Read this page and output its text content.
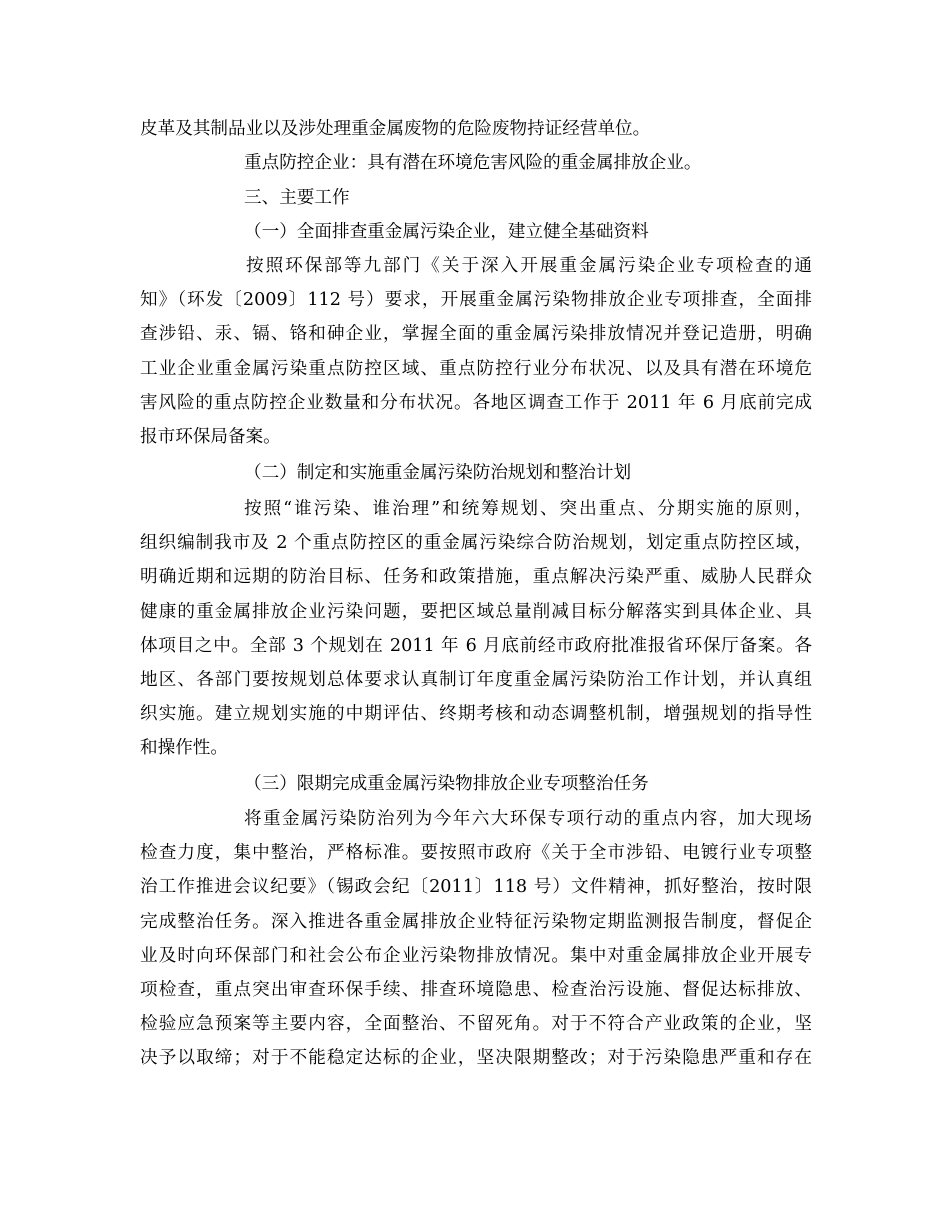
皮革及其制品业以及涉处理重金属废物的危险废物持证经营单位。

重点防控企业：具有潜在环境危害风险的重金属排放企业。

三、主要工作

（一）全面排查重金属污染企业，建立健全基础资料

按照环保部等九部门《关于深入开展重金属污染企业专项检查的通
知》（环发〔2009〕112 号）要求，开展重金属污染物排放企业专项排查，全面排
查涉铅、汞、镉、铬和砷企业，掌握全面的重金属污染排放情况并登记造册，明确
工业企业重金属污染重点防控区域、重点防控行业分布状况、以及具有潜在环境危
害风险的重点防控企业数量和分布状况。各地区调查工作于 2011 年 6 月底前完成
报市环保局备案。

（二）制定和实施重金属污染防治规划和整治计划

按照“谁污染、谁治理”和统筹规划、突出重点、分期实施的原则，
组织编制我市及 2 个重点防控区的重金属污染综合防治规划，划定重点防控区域，
明确近期和远期的防治目标、任务和政策措施，重点解决污染严重、威胁人民群众
健康的重金属排放企业污染问题，要把区域总量削减目标分解落实到具体企业、具
体项目之中。全部 3 个规划在 2011 年 6 月底前经市政府批准报省环保厅备案。各
地区、各部门要按规划总体要求认真制订年度重金属污染防治工作计划，并认真组
织实施。建立规划实施的中期评估、终期考核和动态调整机制，增强规划的指导性
和操作性。

（三）限期完成重金属污染物排放企业专项整治任务

将重金属污染防治列为今年六大环保专项行动的重点内容，加大现场
检查力度，集中整治，严格标准。要按照市政府《关于全市涉铅、电镀行业专项整
治工作推进会议纪要》（锡政会纪〔2011〕118 号）文件精神，抓好整治，按时限
完成整治任务。深入推进各重金属排放企业特征污染物定期监测报告制度，督促企
业及时向环保部门和社会公布企业污染物排放情况。集中对重金属排放企业开展专
项检查，重点突出审查环保手续、排查环境隐患、检查治污设施、督促达标排放、
检验应急预案等主要内容，全面整治、不留死角。对于不符合产业政策的企业，坚
决予以取缔；对于不能稳定达标的企业，坚决限期整改；对于污染隐患严重和存在
